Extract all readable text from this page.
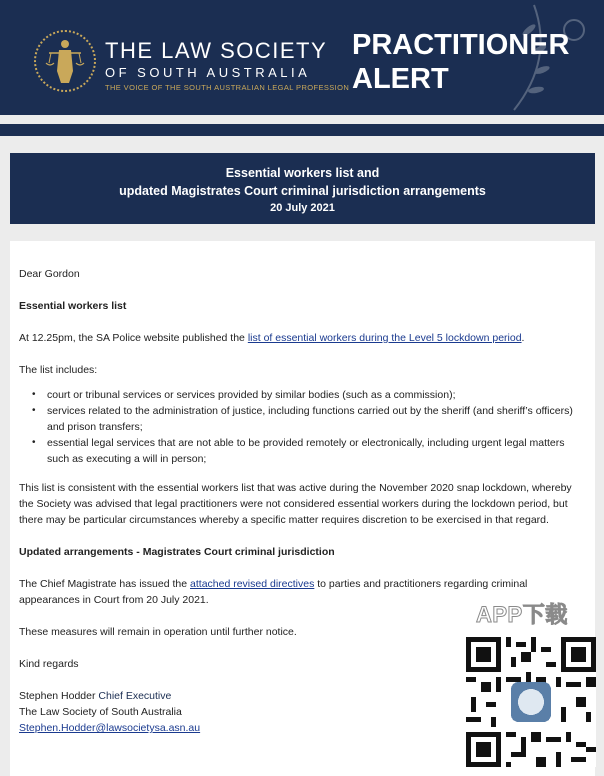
THE LAW SOCIETY
OF SOUTH AUSTRALIA
THE VOICE OF THE SOUTH AUSTRALIAN LEGAL PROFESSION
PRACTITIONER
ALERT
Essential workers list and
updated Magistrates Court criminal jurisdiction arrangements
20 July 2021

Dear Gordon

Essential workers list

At 12.25pm, the SA Police website published the list of essential workers during the Level 5 lockdown period.

The list includes:

• court or tribunal services or services provided by similar bodies (such as a commission);
• services related to the administration of justice, including functions carried out by the sheriff (and sheriff’s officers) and prison transfers;
• essential legal services that are not able to be provided remotely or electronically, including urgent legal matters such as executing a will in person;

This list is consistent with the essential workers list that was active during the November 2020 snap lockdown, whereby the Society was advised that legal practitioners were not considered essential workers during the lockdown period, but there may be particular circumstances whereby a specific matter requires discretion to be exercised in that regard.

Updated arrangements - Magistrates Court criminal jurisdiction

The Chief Magistrate has issued the attached revised directives to parties and practitioners regarding criminal appearances in Court from 20 July 2021.

These measures will remain in operation until further notice.

Kind regards

Stephen Hodder Chief Executive
The Law Society of South Australia
Stephen.Hodder@lawsocietysa.asn.au
APP下载
